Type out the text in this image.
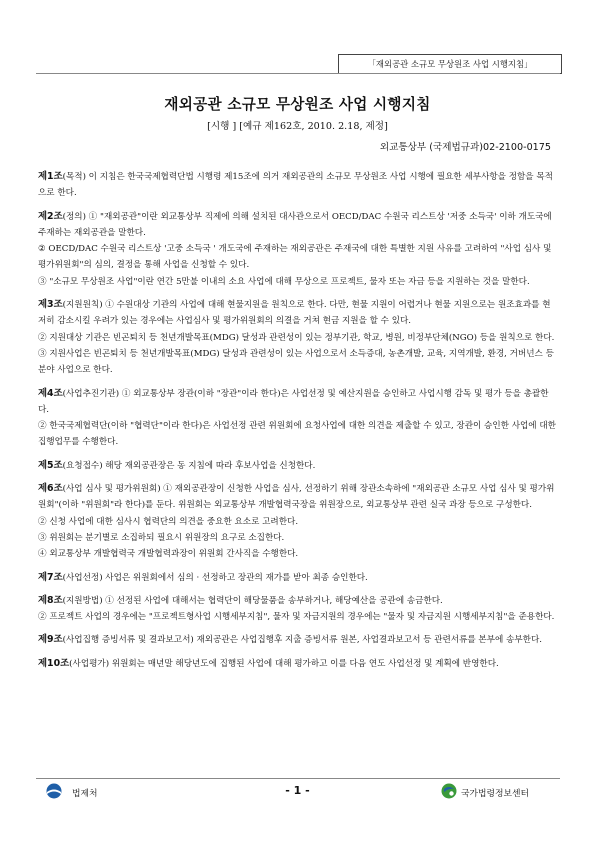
「재외공관 소규모 무상원조 사업 시행지침」
재외공관 소규모 무상원조 사업 시행지침
[시행 ] [예규 제162호, 2010. 2.18, 제정]
외교통상부 (국제법규과)02-2100-0175
제1조(목적) 이 지침은 한국국제협력단법 시행령 제15조에 의거 재외공관의 소규모 무상원조 사업 시행에 필요한 세부사항을 정함을 목적으로 한다.
제2조(정의) ① "재외공관"이란 외교통상부 직제에 의해 설치된 대사관으로서 OECD/DAC 수원국 리스트상 '저중 소득국' 이하 개도국에 주재하는 재외공관을 말한다.
② OECD/DAC 수원국 리스트상 '고중 소득국 ' 개도국에 주재하는 재외공관은 주재국에 대한 특별한 지원 사유를 고려하여 "사업 심사 및 평가위원회"의 심의, 결정을 통해 사업을 신청할 수 있다.
③ "소규모 무상원조 사업"이란 연간 5만불 이내의 소요 사업에 대해 무상으로 프로젝트, 물자 또는 자금 등을 지원하는 것을 말한다.
제3조(지원원칙) ① 수원대상 기관의 사업에 대해 현물지원을 원칙으로 한다. 다만, 현물 지원이 어렵거나 현물 지원으로는 원조효과를 현저히 감소시킬 우려가 있는 경우에는 사업심사 및 평가위원회의 의결을 거쳐 현금 지원을 할 수 있다.
② 지원대상 기관은 빈곤퇴치 등 천년개발목표(MDG) 달성과 관련성이 있는 정부기관, 학교, 병원, 비정부단체(NGO) 등을 원칙으로 한다.
③ 지원사업은 빈곤퇴치 등 천년개발목표(MDG) 달성과 관련성이 있는 사업으로서 소득증대, 농촌개발, 교육, 지역개발, 환경, 거버넌스 등 분야 사업으로 한다.
제4조(사업추진기관) ① 외교통상부 장관(이하 "장관"이라 한다)은 사업선정 및 예산지원을 승인하고 사업시행 감독 및 평가 등을 총괄한다.
② 한국국제협력단(이하 "협력단"이라 한다)은 사업선정 관련 위원회에 요청사업에 대한 의견을 제출할 수 있고, 장관이 승인한 사업에 대한 집행업무를 수행한다.
제5조(요청접수) 해당 재외공관장은 동 지침에 따라 후보사업을 신청한다.
제6조(사업 심사 및 평가위원회) ① 재외공관장이 신청한 사업을 심사, 선정하기 위해 장관소속하에 "재외공관 소규모 사업 심사 및 평가위원회"(이하 "위원회"라 한다)를 둔다. 위원회는 외교통상부 개발협력국장을 위원장으로, 외교통상부 관련 실국 과장 등으로 구성한다.
② 신청 사업에 대한 심사시 협력단의 의견을 중요한 요소로 고려한다.
③ 위원회는 분기별로 소집하되 필요시 위원장의 요구로 소집한다.
④ 외교통상부 개발협력국 개발협력과장이 위원회 간사직을 수행한다.
제7조(사업선정) 사업은 위원회에서 심의 · 선정하고 장관의 재가를 받아 최종 승인한다.
제8조(지원방법) ① 선정된 사업에 대해서는 협력단이 해당물품을 송부하거나, 해당예산을 공관에 송금한다.
② 프로젝트 사업의 경우에는 "프로젝트형사업 시행세부지침", 물자 및 자금지원의 경우에는 "물자 및 자금지원 시행세부지침"을 준용한다.
제9조(사업집행 증빙서류 및 결과보고서) 재외공관은 사업집행후 지출 증빙서류 원본, 사업결과보고서 등 관련서류를 본부에 송부한다.
제10조(사업평가) 위원회는 매년말 해당년도에 집행된 사업에 대해 평가하고 이를 다음 연도 사업선정 및 계획에 반영한다.
법제처	- 1 -	국가법령정보센터
